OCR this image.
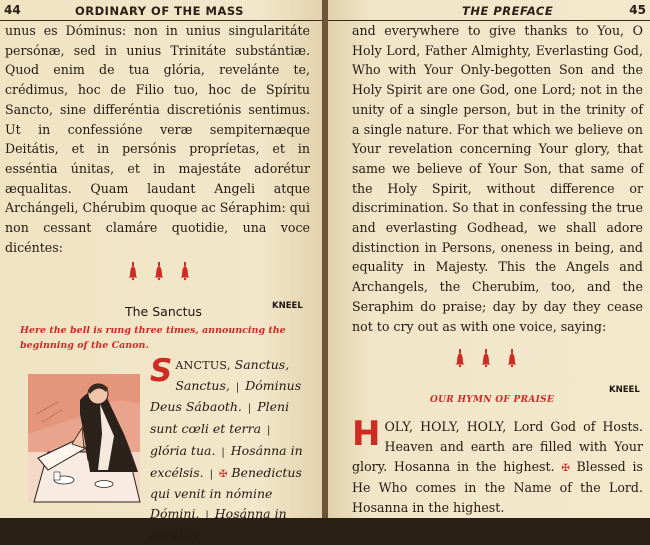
44	ORDINARY OF THE MASS
unus es Dóminus: non in unius singularitáte persónæ, sed in unius Trinitáte substántiæ. Quod enim de tua glória, revelánte te, crédimus, hoc de Filio tuo, hoc de Spíritu Sancto, sine differéntia discretiónis sentimus. Ut in confessióne veræ sempiternæque Deitátis, et in persónis propríetas, et in esséntia únitas, et in majestáte adorétur æqualitas. Quam laudant Angeli atque Archángeli, Chérubim quoque ac Séraphim: qui non cessant clamáre quotidie, una voce dicéntes:
The Sanctus	KNEEL
Here the bell is rung three times, announcing the beginning of the Canon.
SANCTUS, Sanctus, Sanctus, | Dóminus Deus Sábaoth. | Pleni sunt cœli et terra | glória tua. | Hosánna in excélsis. | ✠ Benedictus qui venit in nómine Dómini. | Hosánna in excélsis.
THE PREFACE	45
and everywhere to give thanks to You, O Holy Lord, Father Almighty, Everlasting God, Who with Your Only-begotten Son and the Holy Spirit are one God, one Lord; not in the unity of a single person, but in the trinity of a single nature. For that which we believe on Your revelation concerning Your glory, that same we believe of Your Son, that same of the Holy Spirit, without difference or discrimination. So that in confessing the true and everlasting Godhead, we shall adore distinction in Persons, oneness in being, and equality in Majesty. This the Angels and Archangels, the Cherubim, too, and the Seraphim do praise; day by day they cease not to cry out as with one voice, saying:
KNEEL
OUR HYMN OF PRAISE
HOLY, HOLY, HOLY, Lord God of Hosts. Heaven and earth are filled with Your glory. Hosanna in the highest. ✠ Blessed is He Who comes in the Name of the Lord. Hosanna in the highest.
